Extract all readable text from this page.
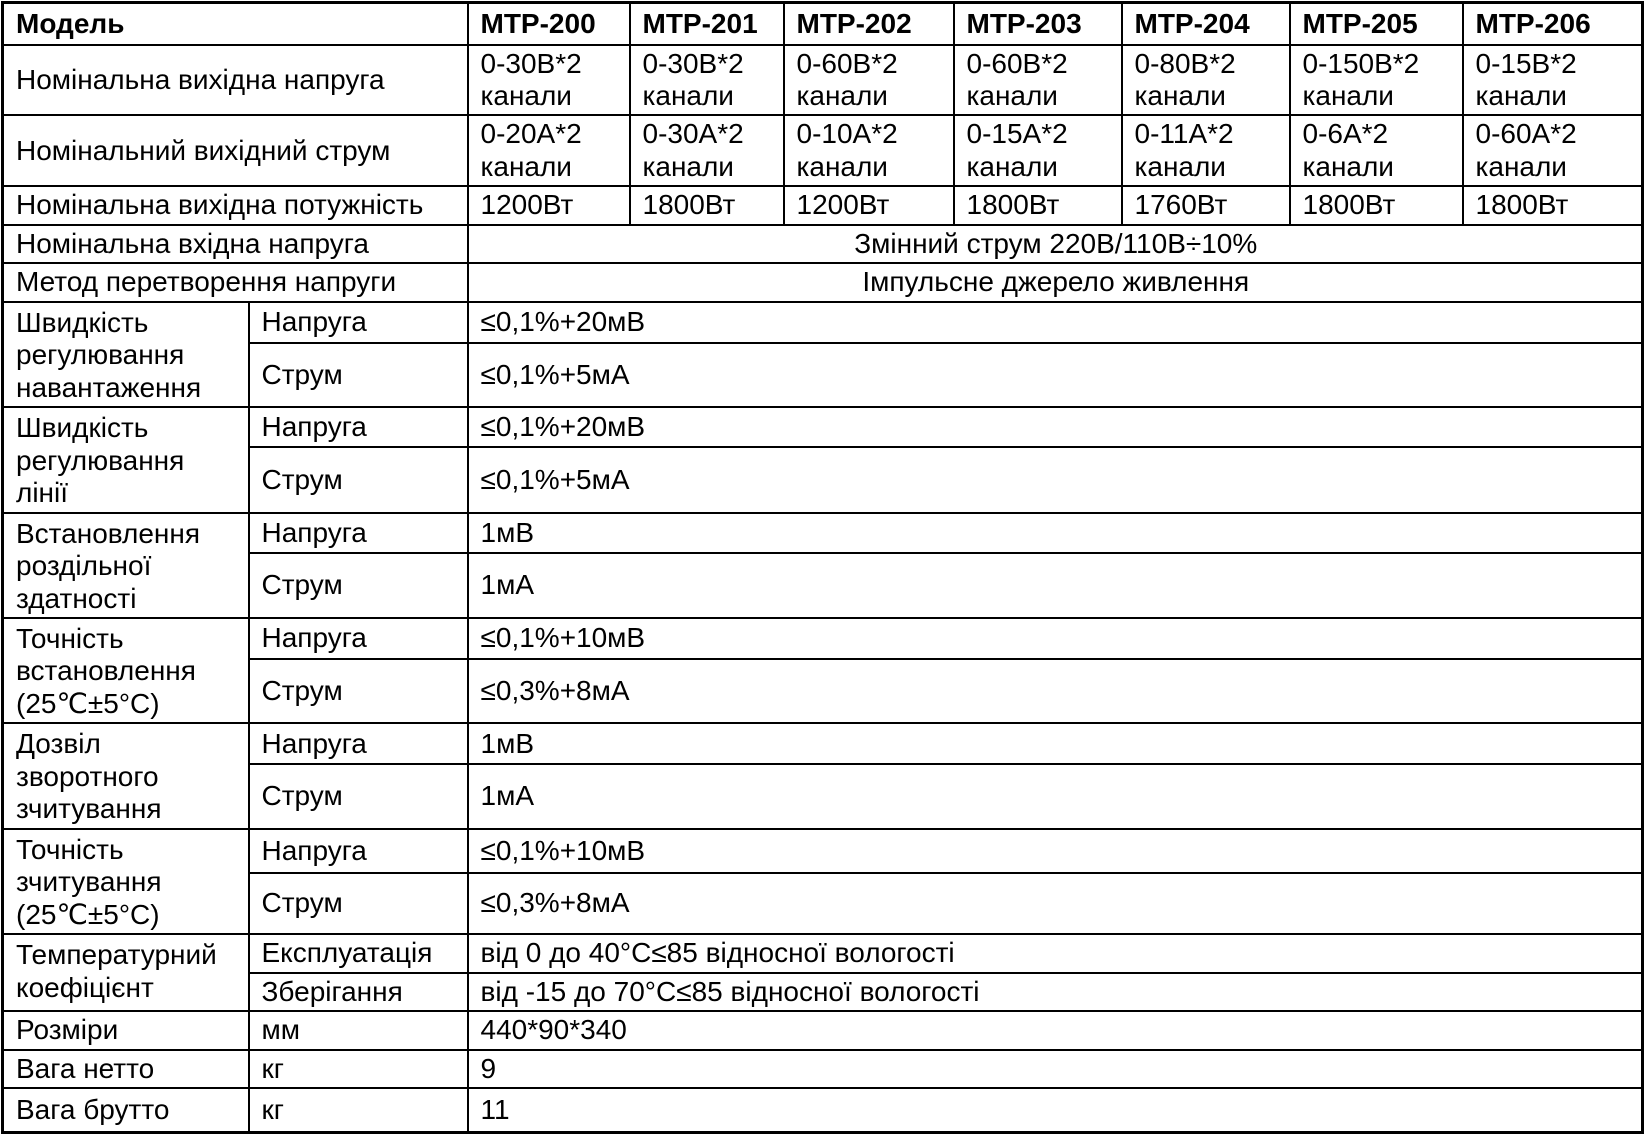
Модель		MTP-200	MTP-201	MTP-202	MTP-203	MTP-204	MTP-205	MTP-206
Номінальна вихідна напруга		0-30В*2 канали	0-30В*2 канали	0-60В*2 канали	0-60В*2 канали	0-80В*2 канали	0-150В*2 канали	0-15В*2 канали
Номінальний вихідний струм		0-20А*2 канали	0-30А*2 канали	0-10А*2 канали	0-15А*2 канали	0-11А*2 канали	0-6А*2 канали	0-60А*2 канали
Номінальна вихідна потужність		1200Вт	1800Вт	1200Вт	1800Вт	1760Вт	1800Вт	1800Вт
Номінальна вхідна напруга		Змінний струм 220В/110В÷10%						
Метод перетворення напруги		Імпульсне джерело живлення						
Швидкість регулювання навантаження	Напруга	≤0,1%+20мВ						
	Струм	≤0,1%+5мА						
Швидкість регулювання лінії	Напруга	≤0,1%+20мВ						
	Струм	≤0,1%+5мА						
Встановлення роздільної здатності	Напруга	1мВ						
	Струм	1мА						
Точність встановлення (25℃±5°C)	Напруга	≤0,1%+10мВ						
	Струм	≤0,3%+8мА						
Дозвіл зворотного зчитування	Напруга	1мВ						
	Струм	1мА						
Точність зчитування (25℃±5°C)	Напруга	≤0,1%+10мВ						
	Струм	≤0,3%+8мА						
Температурний коефіцієнт	Експлуатація	від 0 до 40°C≤85 відносної вологості						
	Зберігання	від -15 до 70°C≤85 відносної вологості						
Розміри	мм	440*90*340						
Вага нетто	кг	9						
Вага брутто	кг	11						
